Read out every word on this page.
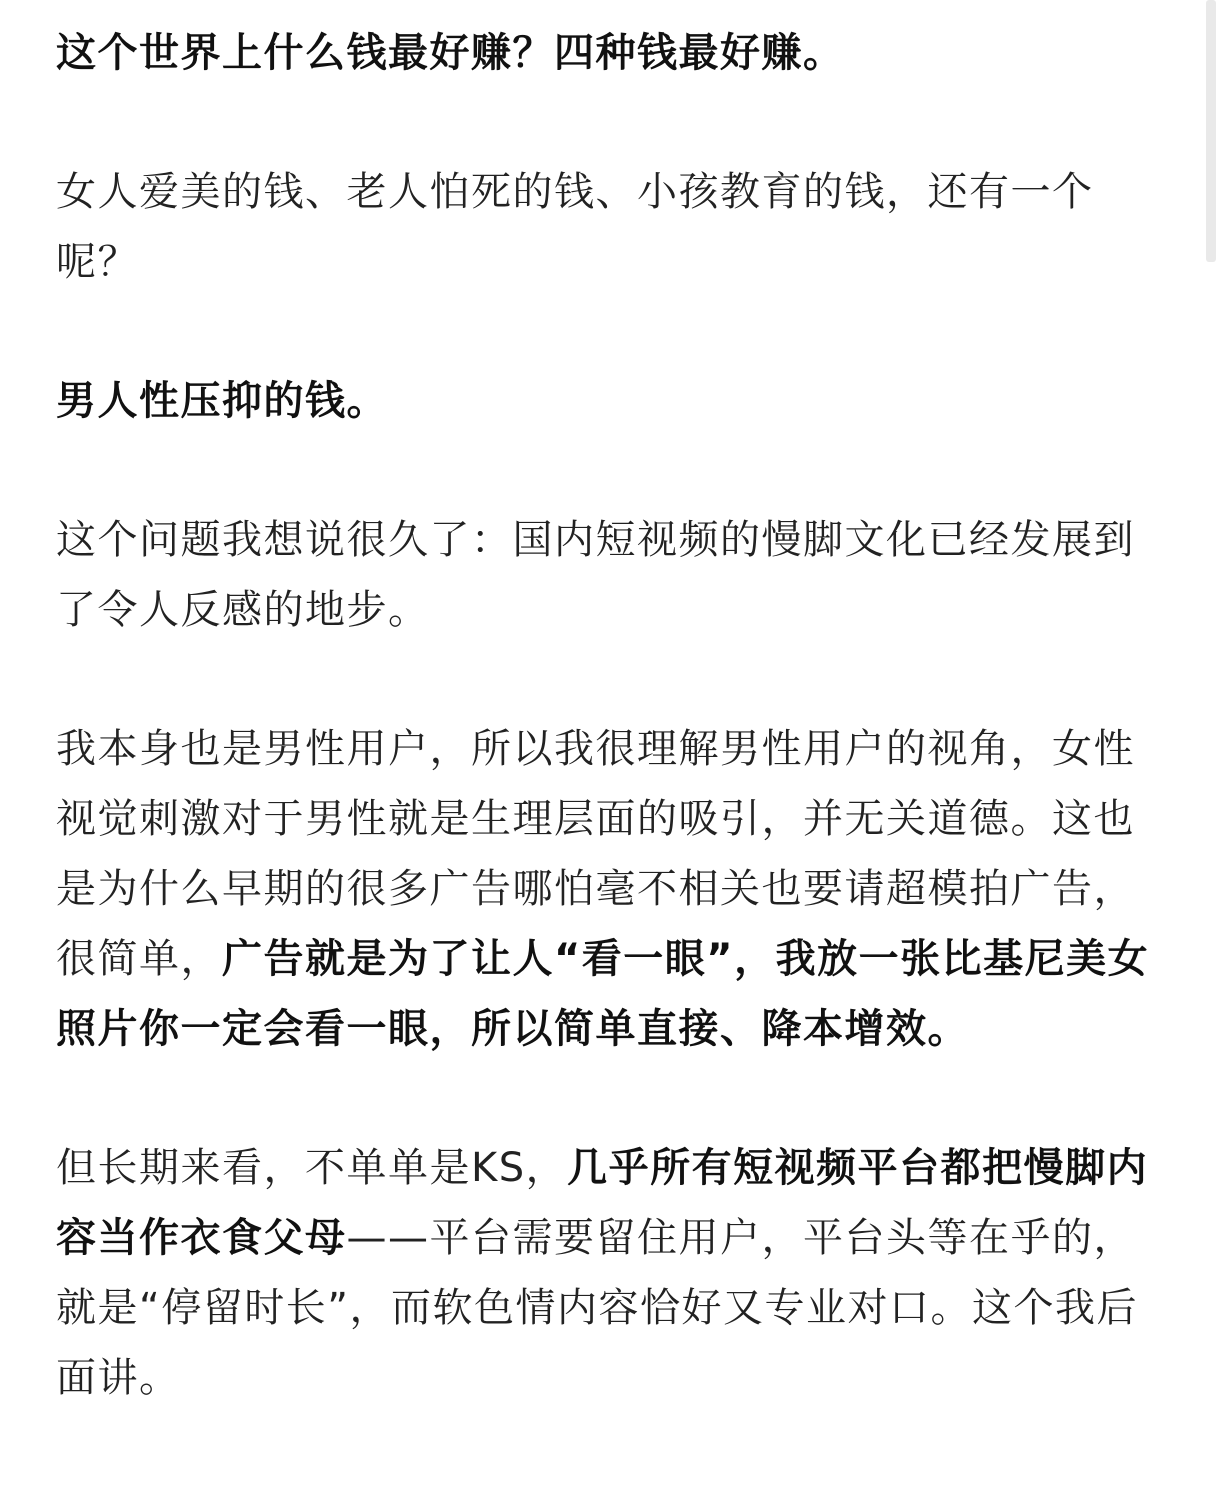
这个世界上什么钱最好赚？四种钱最好赚。

女人爱美的钱、老人怕死的钱、小孩教育的钱，还有一个呢？

男人性压抑的钱。

这个问题我想说很久了：国内短视频的慢脚文化已经发展到了令人反感的地步。

我本身也是男性用户，所以我很理解男性用户的视角，女性视觉刺激对于男性就是生理层面的吸引，并无关道德。这也是为什么早期的很多广告哪怕毫不相关也要请超模拍广告，很简单，广告就是为了让人“看一眼”，我放一张比基尼美女照片你一定会看一眼，所以简单直接、降本增效。

但长期来看，不单单是KS，几乎所有短视频平台都把慢脚内容当作衣食父母——平台需要留住用户，平台头等在乎的，就是“停留时长”，而软色情内容恰好又专业对口。这个我后面讲。
